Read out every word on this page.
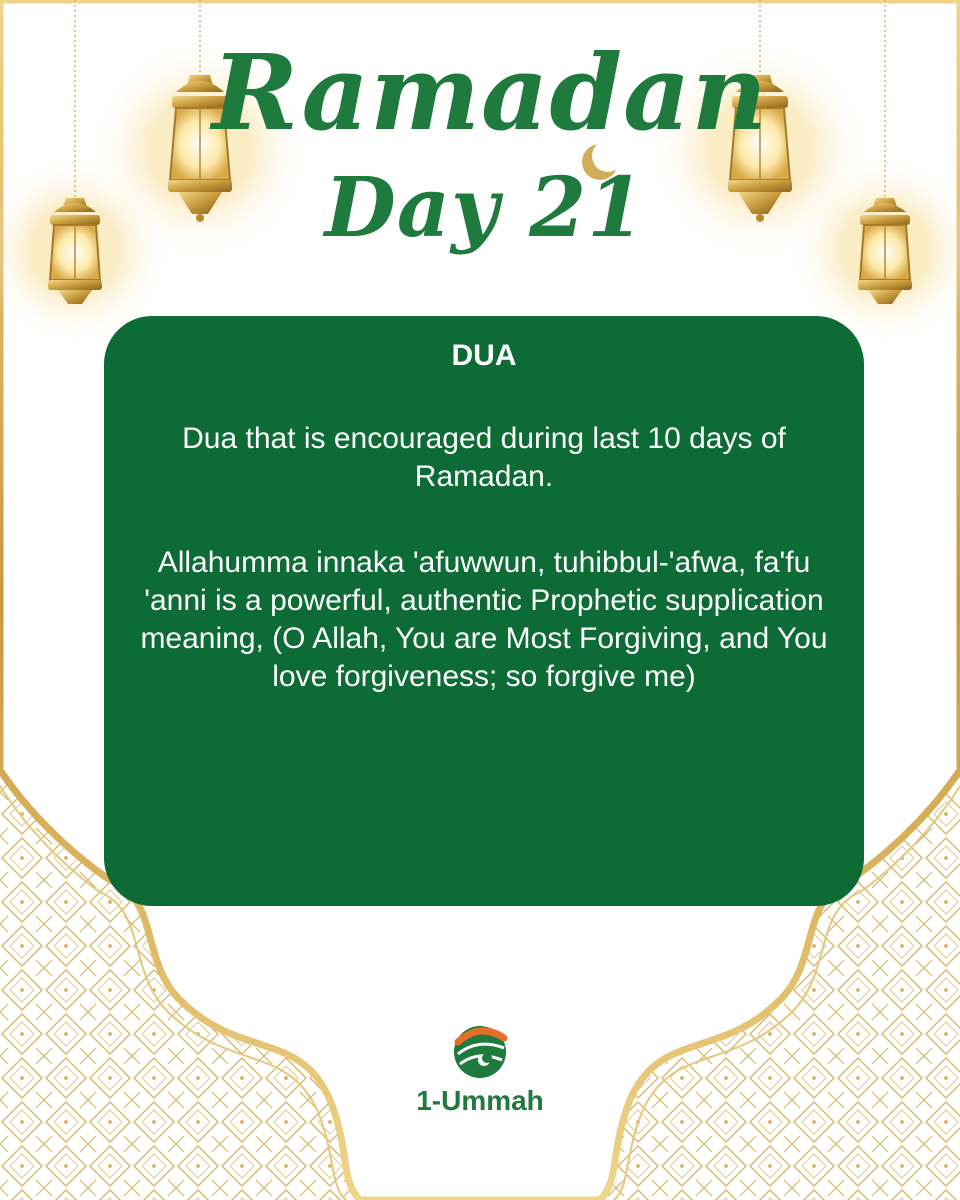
Ramadan
Day 21
DUA

Dua that is encouraged during last 10 days of Ramadan.

Allahumma innaka 'afuwwun, tuhibbul-'afwa, fa'fu 'anni is a powerful, authentic Prophetic supplication meaning, (O Allah, You are Most Forgiving, and You love forgiveness; so forgive me)

1-Ummah
